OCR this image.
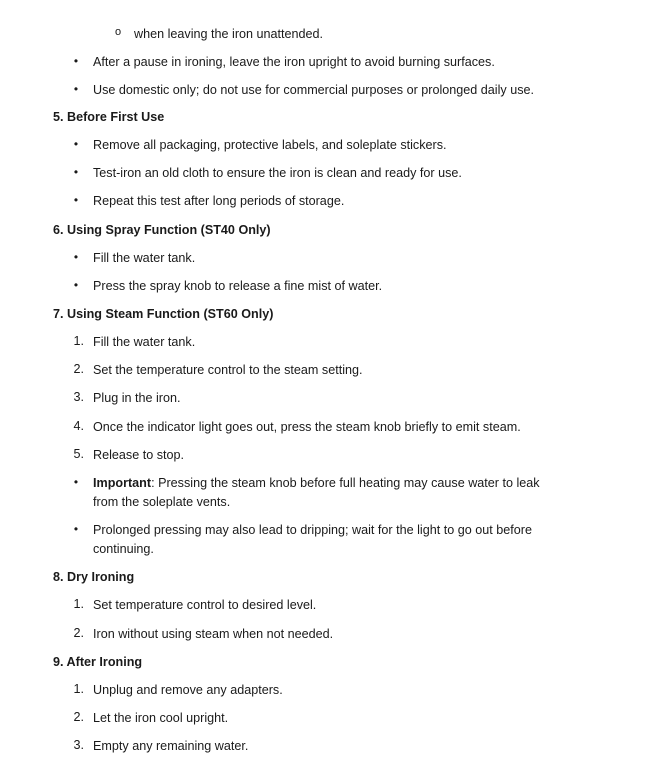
o when leaving the iron unattended.
• After a pause in ironing, leave the iron upright to avoid burning surfaces.
• Use domestic only; do not use for commercial purposes or prolonged daily use.
5. Before First Use
• Remove all packaging, protective labels, and soleplate stickers.
• Test-iron an old cloth to ensure the iron is clean and ready for use.
• Repeat this test after long periods of storage.
6. Using Spray Function (ST40 Only)
• Fill the water tank.
• Press the spray knob to release a fine mist of water.
7. Using Steam Function (ST60 Only)
1. Fill the water tank.
2. Set the temperature control to the steam setting.
3. Plug in the iron.
4. Once the indicator light goes out, press the steam knob briefly to emit steam.
5. Release to stop.
• Important: Pressing the steam knob before full heating may cause water to leak
from the soleplate vents.
• Prolonged pressing may also lead to dripping; wait for the light to go out before
continuing.
8. Dry Ironing
1. Set temperature control to desired level.
2. Iron without using steam when not needed.
9. After Ironing
1. Unplug and remove any adapters.
2. Let the iron cool upright.
3. Empty any remaining water.
